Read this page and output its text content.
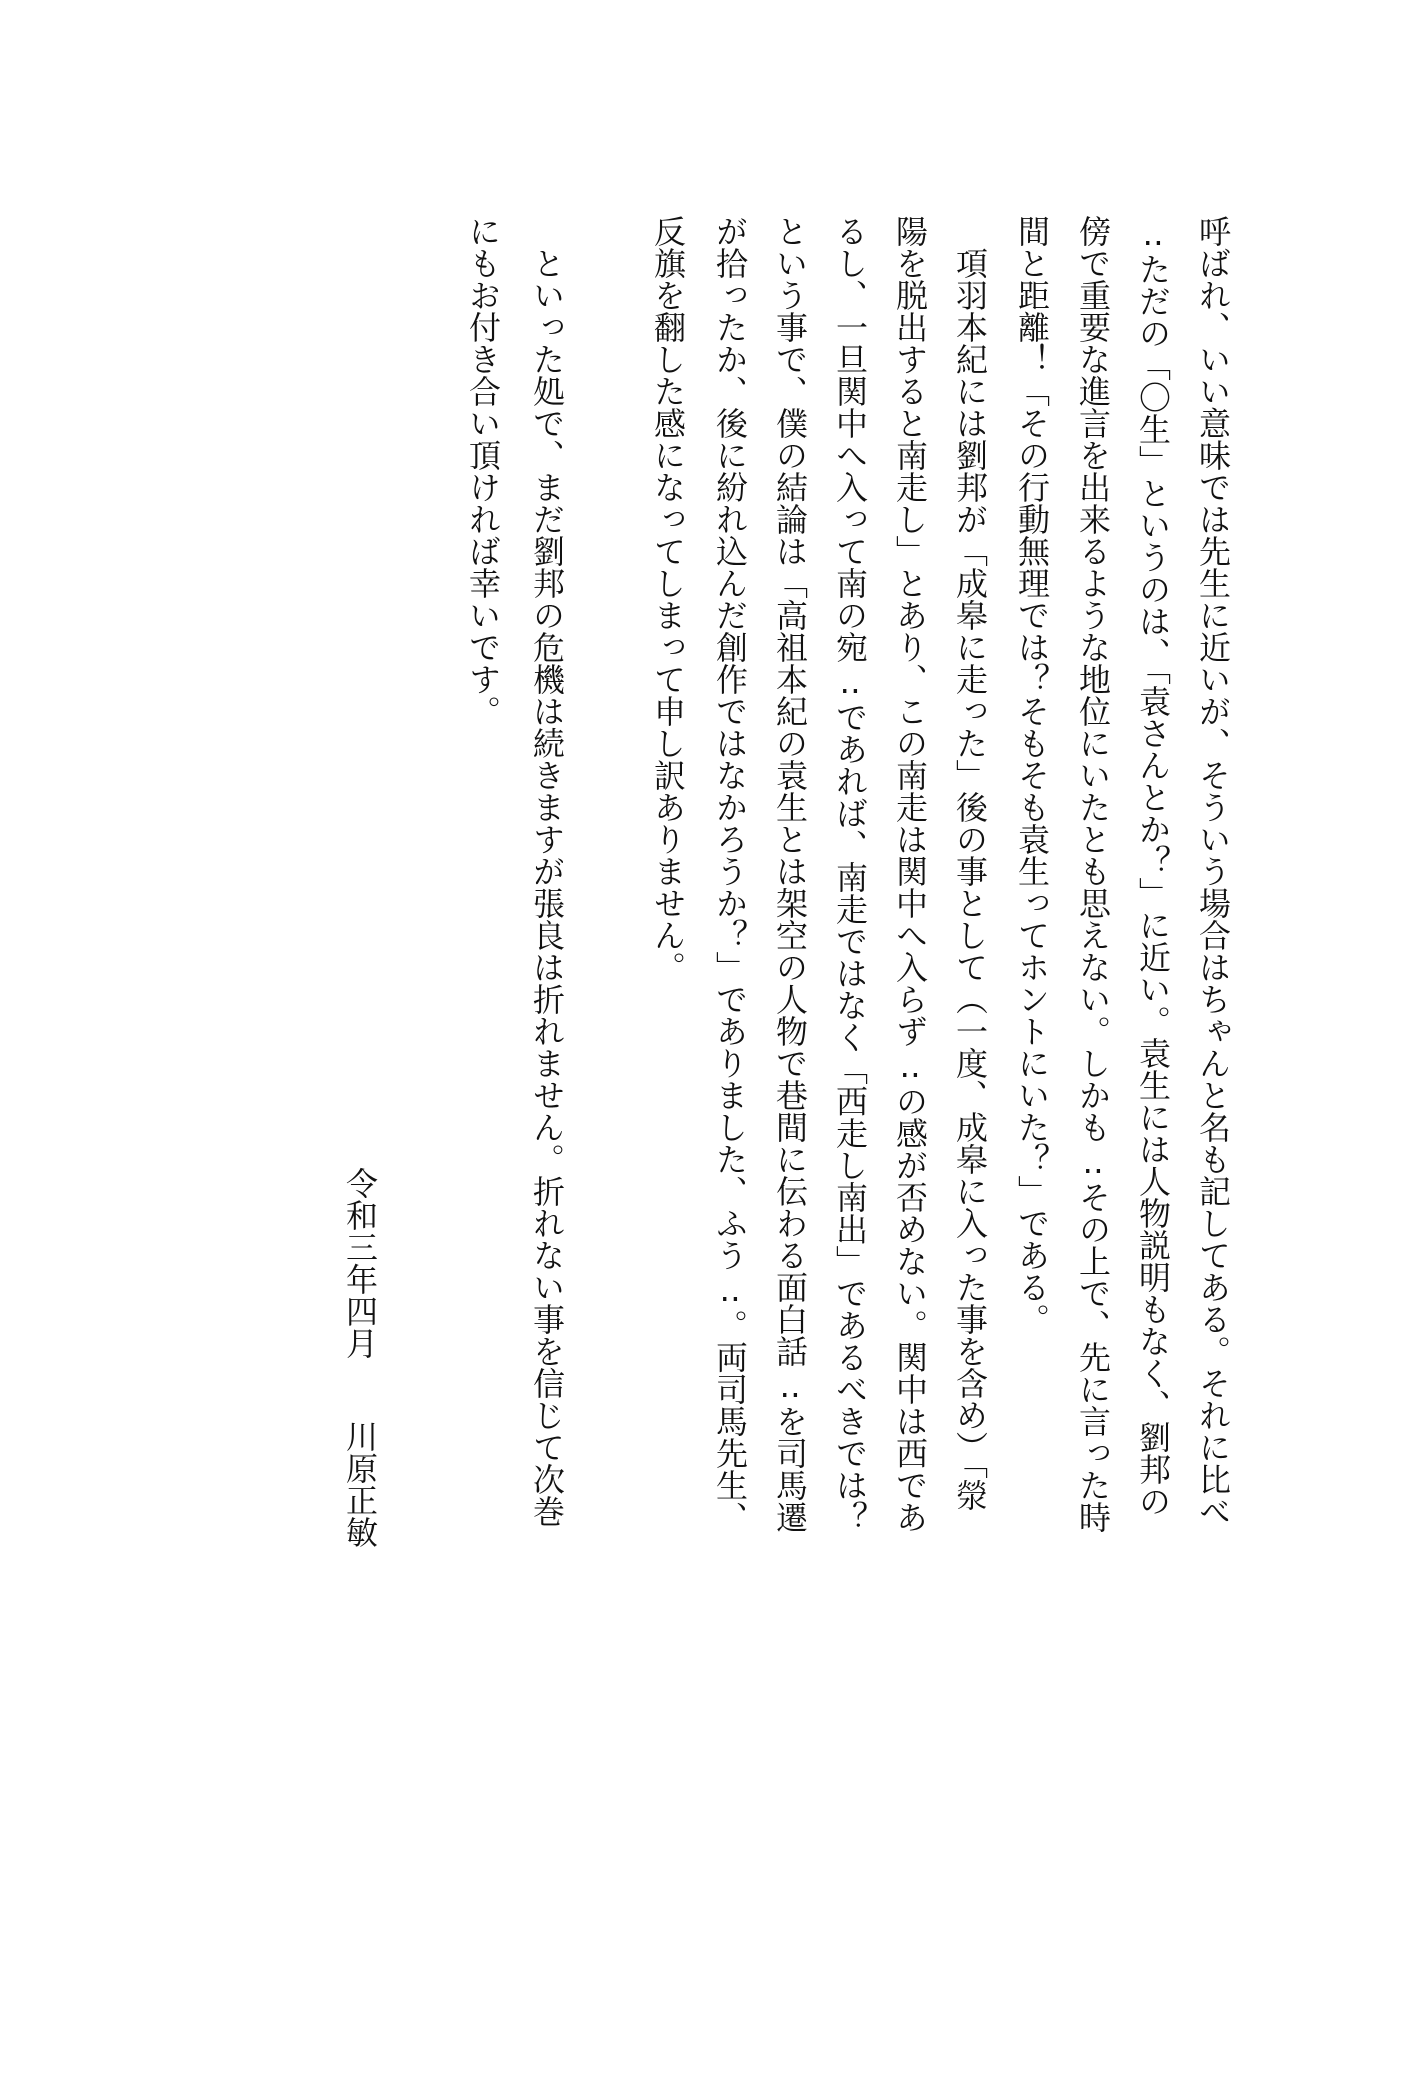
呼ばれ、いい意味では先生に近いが、そういう場合はちゃんと名も記してある。それに比べ
‥ただの「〇生」というのは、「袁さんとか？」に近い。袁生には人物説明もなく、劉邦の
傍で重要な進言を出来るような地位にいたとも思えない。しかも‥その上で、先に言った時
間と距離！「その行動無理では？そもそも袁生ってホントにいた？」である。
　項羽本紀には劉邦が「成皋に走った」後の事として（一度、成皋に入った事を含め）「滎
陽を脱出すると南走し」とあり、この南走は関中へ入らず‥の感が否めない。関中は西であ
るし、一旦関中へ入って南の宛‥であれば、南走ではなく「西走し南出」であるべきでは？
という事で、僕の結論は「高祖本紀の袁生とは架空の人物で巷間に伝わる面白話‥を司馬遷
が拾ったか、後に紛れ込んだ創作ではなかろうか？」でありました、ふう‥。両司馬先生、
反旗を翻した感になってしまって申し訳ありません。
　といった処で、まだ劉邦の危機は続きますが張良は折れません。折れない事を信じて次巻
にもお付き合い頂ければ幸いです。
令和三年四月
川原正敏
